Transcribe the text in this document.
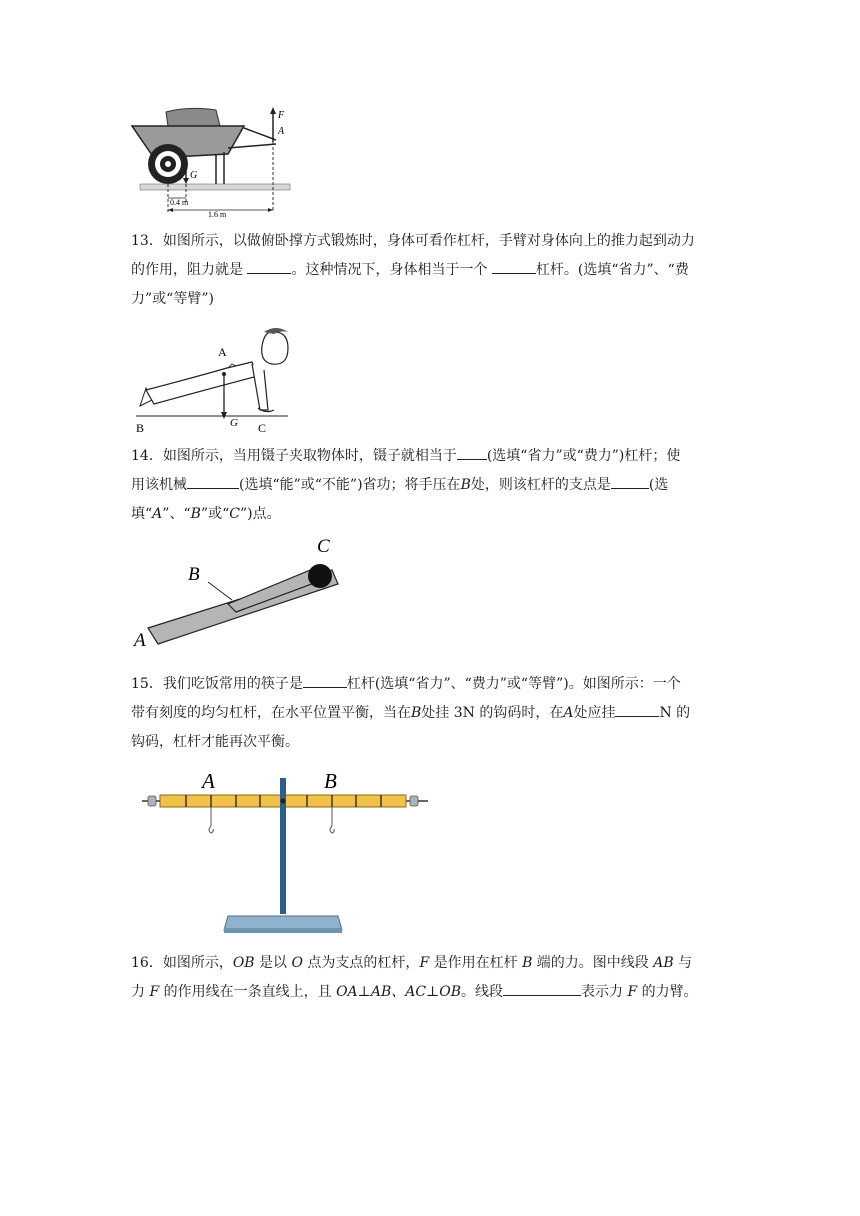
F
A
G
0.4 m
1.6 m
13．如图所示，以做俯卧撑方式锻炼时，身体可看作杠杆，手臂对身体向上的推力起到动力
的作用，阻力就是	。这种情况下，身体相当于一个	杠杆。(选填“省力”、“费
力”或“等臂”)
A
B	C
G
14．如图所示，当用镊子夹取物体时，镊子就相当于 (选填“省力”或“费力”)杠杆；使
用该机械	(选填“能”或“不能”)省功；将手压在B处，则该杠杆的支点是	(选
填“A”、“B”或“C”)点。
B
C
A
15．我们吃饭常用的筷子是	杠杆(选填“省力”、“费力”或“等臂”)。如图所示：一个
带有刻度的均匀杠杆，在水平位置平衡，当在B处挂 3N 的钩码时，在A处应挂	N 的
钩码，杠杆才能再次平衡。
A	B
16．如图所示，OB 是以 O 点为支点的杠杆，F 是作用在杠杆 B 端的力。图中线段 AB 与
力 F 的作用线在一条直线上，且 OA⊥AB、AC⊥OB。线段	表示力 F 的力臂。
